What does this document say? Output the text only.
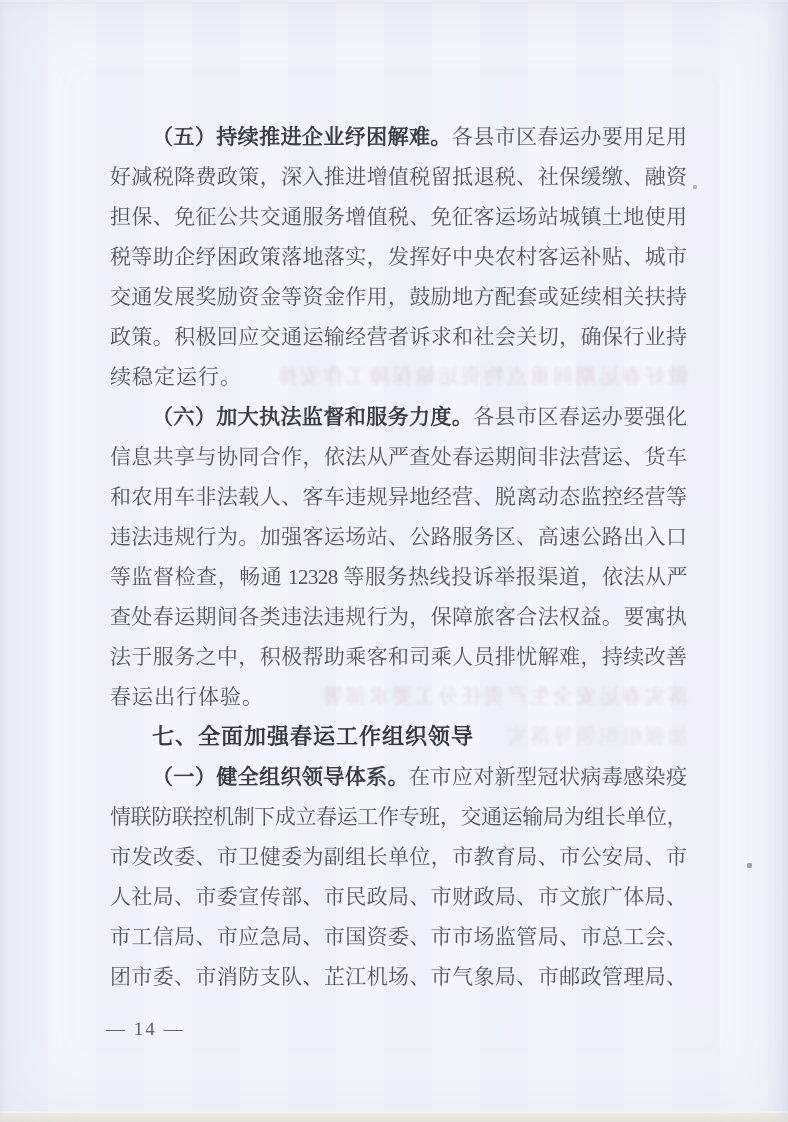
（五）持续推进企业纾困解难。各县市区春运办要用足用

好减税降费政策，深入推进增值税留抵退税、社保缓缴、融资

担保、免征公共交通服务增值税、免征客运场站城镇土地使用

税等助企纾困政策落地落实，发挥好中央农村客运补贴、城市

交通发展奖励资金等资金作用，鼓励地方配套或延续相关扶持

政策。积极回应交通运输经营者诉求和社会关切，确保行业持

续稳定运行。

（六）加大执法监督和服务力度。各县市区春运办要强化

信息共享与协同合作，依法从严查处春运期间非法营运、货车

和农用车非法载人、客车违规异地经营、脱离动态监控经营等

违法违规行为。加强客运场站、公路服务区、高速公路出入口

等监督检查，畅通 12328 等服务热线投诉举报渠道，依法从严

查处春运期间各类违法违规行为，保障旅客合法权益。要寓执

法于服务之中，积极帮助乘客和司乘人员排忧解难，持续改善

春运出行体验。

七、全面加强春运工作组织领导

（一）健全组织领导体系。在市应对新型冠状病毒感染疫

情联防联控机制下成立春运工作专班，交通运输局为组长单位，

市发改委、市卫健委为副组长单位，市教育局、市公安局、市

人社局、市委宣传部、市民政局、市财政局、市文旅广体局、

市工信局、市应急局、市国资委、市市场监管局、市总工会、

团市委、市消防支队、芷江机场、市气象局、市邮政管理局、

做好春运期间重点物资运输保障工作安排
落实春运安全生产责任分工要求部署
加强组织领导落实
— 14 —
